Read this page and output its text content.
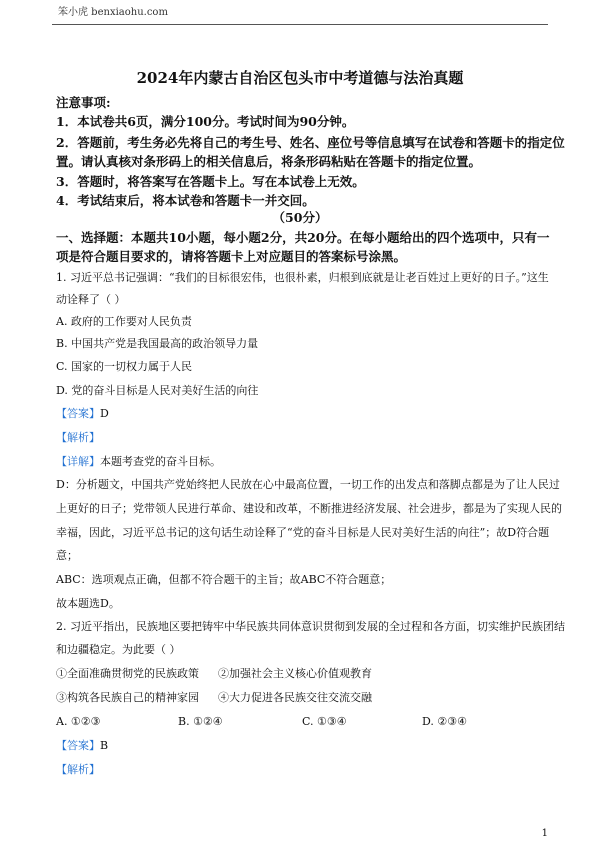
笨小虎 benxiaohu.com
2024年内蒙古自治区包头市中考道德与法治真题
注意事项:
1．本试卷共6页，满分100分。考试时间为90分钟。
2．答题前，考生务必先将自己的考生号、姓名、座位号等信息填写在试卷和答题卡的指定位
置。请认真核对条形码上的相关信息后，将条形码粘贴在答题卡的指定位置。
3．答题时，将答案写在答题卡上。写在本试卷上无效。
4．考试结束后，将本试卷和答题卡一并交回。
（50分）
一、选择题：本题共10小题，每小题2分，共20分。在每小题给出的四个选项中，只有一
项是符合题目要求的，请将答题卡上对应题目的答案标号涂黑。
1. 习近平总书记强调：“我们的目标很宏伟，也很朴素，归根到底就是让老百姓过上更好的日子。”这生
动诠释了（ ）
A. 政府的工作要对人民负责
B. 中国共产党是我国最高的政治领导力量
C. 国家的一切权力属于人民
D. 党的奋斗目标是人民对美好生活的向往
【答案】D
【解析】
【详解】本题考查党的奋斗目标。
D：分析题文，中国共产党始终把人民放在心中最高位置，一切工作的出发点和落脚点都是为了让人民过
上更好的日子；党带领人民进行革命、建设和改革，不断推进经济发展、社会进步，都是为了实现人民的
幸福，因此，习近平总书记的这句话生动诠释了“党的奋斗目标是人民对美好生活的向往”；故D符合题
意；
ABC：选项观点正确，但都不符合题干的主旨；故ABC不符合题意；
故本题选D。
2. 习近平指出，民族地区要把铸牢中华民族共同体意识贯彻到发展的全过程和各方面，切实维护民族团结
和边疆稳定。为此要（ ）
①全面准确贯彻党的民族政策 ②加强社会主义核心价值观教育
③构筑各民族自己的精神家园 ④大力促进各民族交往交流交融
A. ①②③	B. ①②④	C. ①③④	D. ②③④
【答案】B
【解析】
1
